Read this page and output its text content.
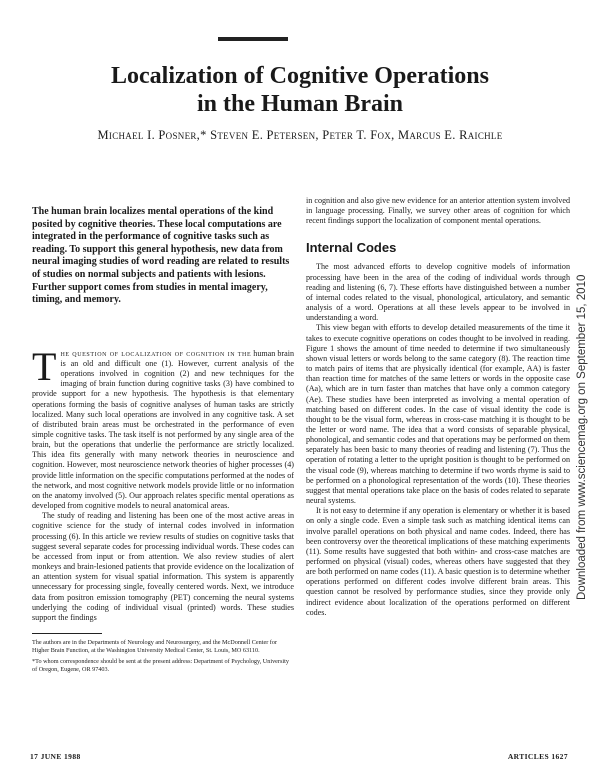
Localization of Cognitive Operations
in the Human Brain

Michael I. Posner,* Steven E. Petersen, Peter T. Fox, Marcus E. Raichle

The human brain localizes mental operations of the kind posited by cognitive theories. These local computations are integrated in the performance of cognitive tasks such as reading. To support this general hypothesis, new data from neural imaging studies of word reading are related to results of studies on normal subjects and patients with lesions. Further support comes from studies in mental imagery, timing, and memory.

The question of localization of cognition in the human brain is an old and difficult one (1). However, current analysis of the operations involved in cognition (2) and new techniques for the imaging of brain function during cognitive tasks (3) have combined to provide support for a new hypothesis. The hypothesis is that elementary operations forming the basis of cognitive analyses of human tasks are strictly localized. Many such local operations are involved in any cognitive task. A set of distributed brain areas must be orchestrated in the performance of even simple cognitive tasks. The task itself is not performed by any single area of the brain, but the operations that underlie the performance are strictly localized. This idea fits generally with many network theories in neuroscience and cognition. However, most neuroscience network theories of higher processes (4) provide little information on the specific computations performed at the nodes of the network, and most cognitive network models provide little or no information on the anatomy involved (5). Our approach relates specific mental operations as developed from cognitive models to neural anatomical areas.

The study of reading and listening has been one of the most active areas in cognitive science for the study of internal codes involved in information processing (6). In this article we review results of studies on cognitive tasks that suggest several separate codes for processing individual words. These codes can be accessed from input or from attention. We also review studies of alert monkeys and brain-lesioned patients that provide evidence on the localization of an attention system for visual spatial information. This system is apparently unnecessary for processing single, foveally centered words. Next, we introduce data from positron emission tomography (PET) concerning the neural systems underlying the coding of individual visual (printed) words. These studies support the findings

The authors are in the Departments of Neurology and Neurosurgery, and the McDonnell Center for Higher Brain Function, at the Washington University Medical Center, St. Louis, MO 63110.

*To whom correspondence should be sent at the present address: Department of Psychology, University of Oregon, Eugene, OR 97403.

in cognition and also give new evidence for an anterior attention system involved in language processing. Finally, we survey other areas of cognition for which recent findings support the localization of component mental operations.

Internal Codes

The most advanced efforts to develop cognitive models of information processing have been in the area of the coding of individual words through reading and listening (6, 7). These efforts have distinguished between a number of internal codes related to the visual, phonological, articulatory, and semantic analysis of a word. Operations at all these levels appear to be involved in understanding a word.

This view began with efforts to develop detailed measurements of the time it takes to execute cognitive operations on codes thought to be involved in reading. Figure 1 shows the amount of time needed to determine if two simultaneously shown visual letters or words belong to the same category (8). The reaction time to match pairs of items that are physically identical (for example, AA) is faster than reaction time for matches of the same letters or words in the opposite case (Aa), which are in turn faster than matches that have only a common category (Ae). These studies have been interpreted as involving a mental operation of matching based on different codes. In the case of visual identity the code is thought to be the visual form, whereas in cross-case matching it is thought to be the letter or word name. The idea that a word consists of separable physical, phonological, and semantic codes and that operations may be performed on them separately has been basic to many theories of reading and listening (7). Thus the operation of rotating a letter to the upright position is thought to be performed on the visual code (9), whereas matching to determine if two words rhyme is said to be performed on a phonological representation of the words (10). These theories suggest that mental operations take place on the basis of codes related to separate neural systems.

It is not easy to determine if any operation is elementary or whether it is based on only a single code. Even a simple task such as matching identical items can involve parallel operations on both physical and name codes. Indeed, there has been controversy over the theoretical implications of these matching experiments (11). Some results have suggested that both within- and cross-case matches are performed on physical (visual) codes, whereas others have suggested that they are both performed on name codes (11). A basic question is to determine whether operations performed on different codes involve different brain areas. This question cannot be resolved by performance studies, since they provide only indirect evidence about localization of the operations performed on different codes.

17 JUNE 1988	ARTICLES 1627
Downloaded from www.sciencemag.org on September 15, 2010
